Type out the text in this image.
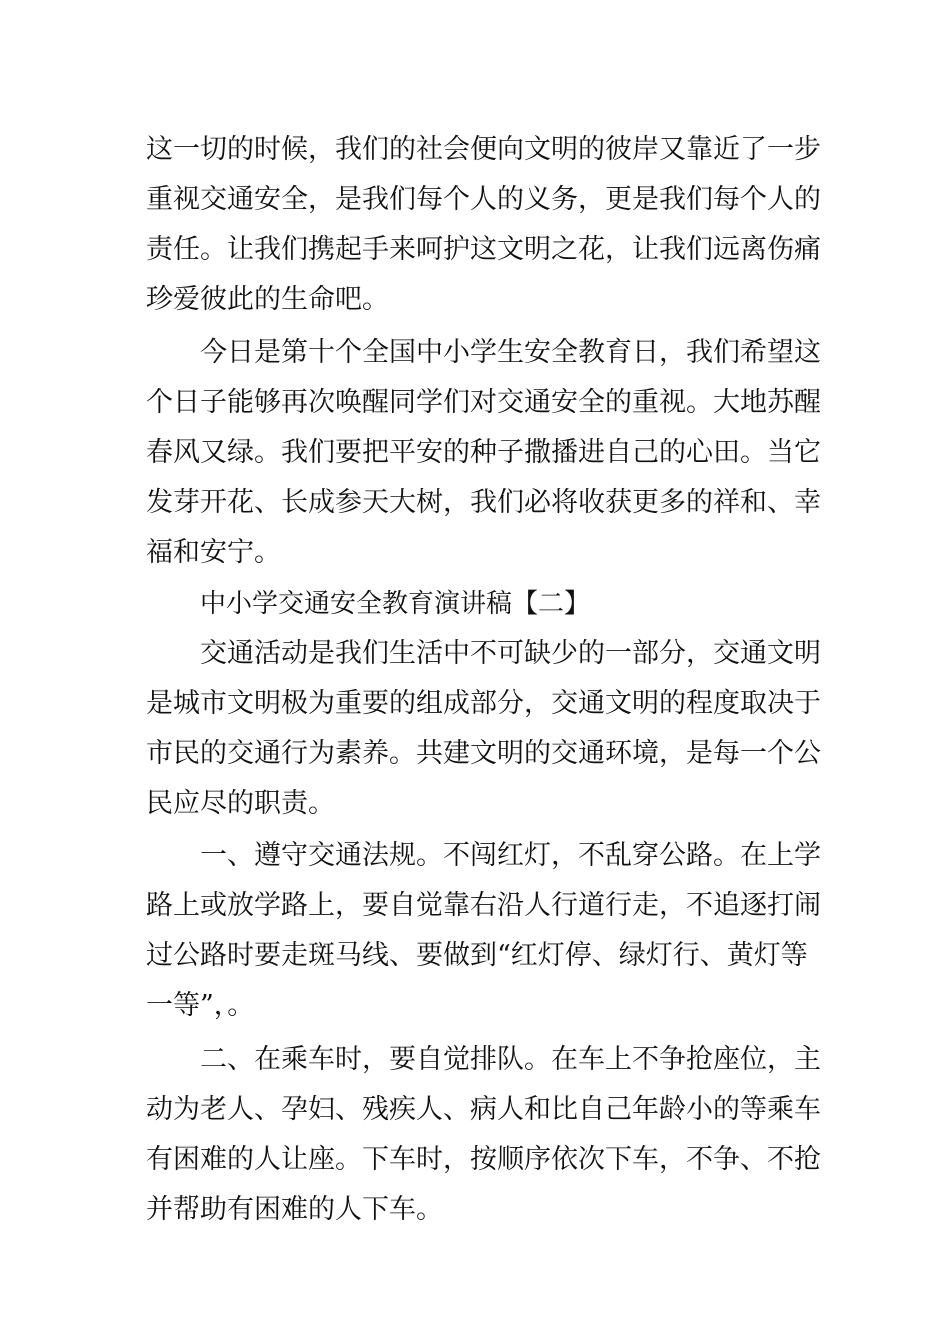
这一切的时候，我们的社会便向文明的彼岸又靠近了一步
重视交通安全，是我们每个人的义务，更是我们每个人的
责任。让我们携起手来呵护这文明之花，让我们远离伤痛
珍爱彼此的生命吧。
今日是第十个全国中小学生安全教育日，我们希望这
个日子能够再次唤醒同学们对交通安全的重视。大地苏醒
春风又绿。我们要把平安的种子撒播进自己的心田。当它
发芽开花、长成参天大树，我们必将收获更多的祥和、幸
福和安宁。
中小学交通安全教育演讲稿【二】
交通活动是我们生活中不可缺少的一部分，交通文明
是城市文明极为重要的组成部分，交通文明的程度取决于
市民的交通行为素养。共建文明的交通环境，是每一个公
民应尽的职责。
一、遵守交通法规。不闯红灯，不乱穿公路。在上学
路上或放学路上，要自觉靠右沿人行道行走，不追逐打闹
过公路时要走斑马线、要做到“红灯停、绿灯行、黄灯等
一等”，。
二、在乘车时，要自觉排队。在车上不争抢座位，主
动为老人、孕妇、残疾人、病人和比自己年龄小的等乘车
有困难的人让座。下车时，按顺序依次下车，不争、不抢
并帮助有困难的人下车。
